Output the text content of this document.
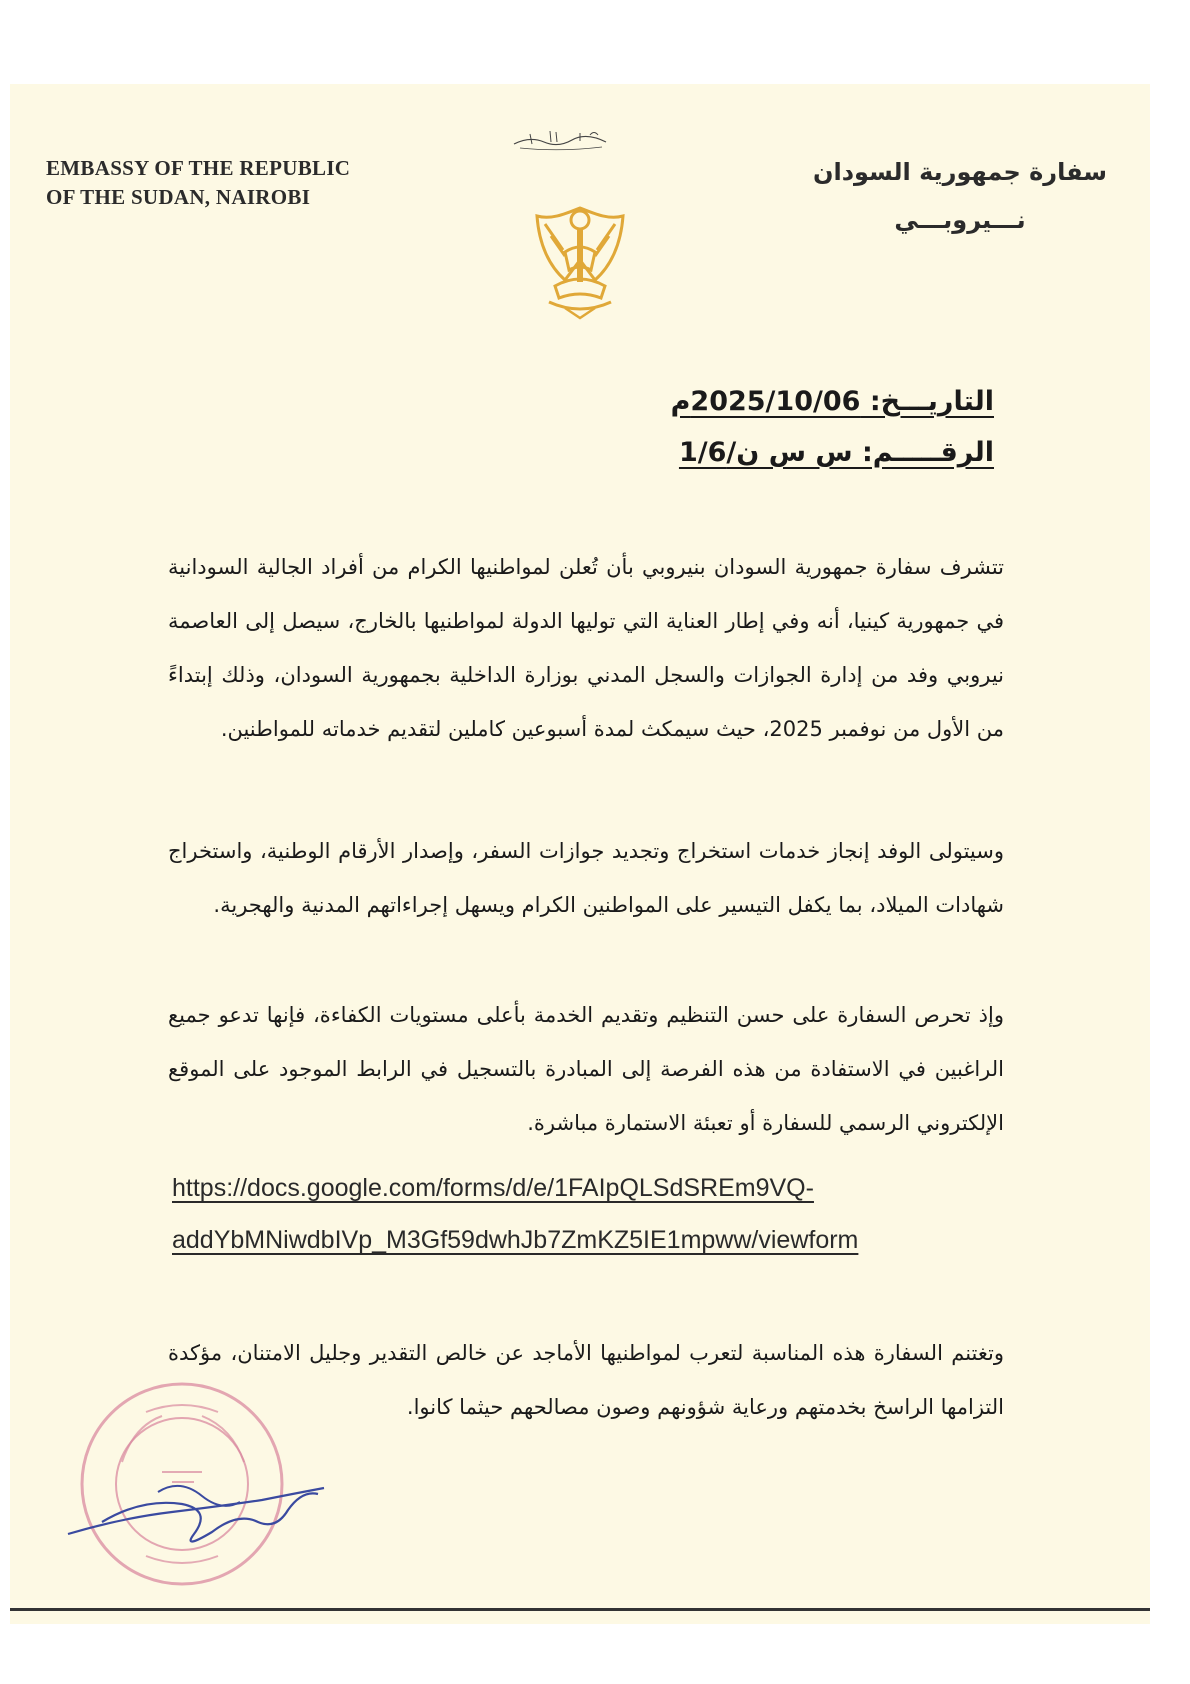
EMBASSY OF THE REPUBLIC
OF THE SUDAN, NAIROBI
سفارة جمهورية السودان
نـــيروبـــي
التاريـــخ: 2025/10/06م
الرقـــــم: س س ن/1/6
تتشرف سفارة جمهورية السودان بنيروبي بأن تُعلن لمواطنيها الكرام من أفراد الجالية السودانية في جمهورية كينيا، أنه وفي إطار العناية التي توليها الدولة لمواطنيها بالخارج، سيصل إلى العاصمة نيروبي وفد من إدارة الجوازات والسجل المدني بوزارة الداخلية بجمهورية السودان، وذلك إبتداءً من الأول من نوفمبر 2025، حيث سيمكث لمدة أسبوعين كاملين لتقديم خدماته للمواطنين.
وسيتولى الوفد إنجاز خدمات استخراج وتجديد جوازات السفر، وإصدار الأرقام الوطنية، واستخراج شهادات الميلاد، بما يكفل التيسير على المواطنين الكرام ويسهل إجراءاتهم المدنية والهجرية.
وإذ تحرص السفارة على حسن التنظيم وتقديم الخدمة بأعلى مستويات الكفاءة، فإنها تدعو جميع الراغبين في الاستفادة من هذه الفرصة إلى المبادرة بالتسجيل في الرابط الموجود على الموقع الإلكتروني الرسمي للسفارة أو تعبئة الاستمارة مباشرة.
https://docs.google.com/forms/d/e/1FAIpQLSdSREm9VQ-
addYbMNiwdbIVp_M3Gf59dwhJb7ZmKZ5IE1mpww/viewform
وتغتنم السفارة هذه المناسبة لتعرب لمواطنيها الأماجد عن خالص التقدير وجليل الامتنان، مؤكدة التزامها الراسخ بخدمتهم ورعاية شؤونهم وصون مصالحهم حيثما كانوا.
